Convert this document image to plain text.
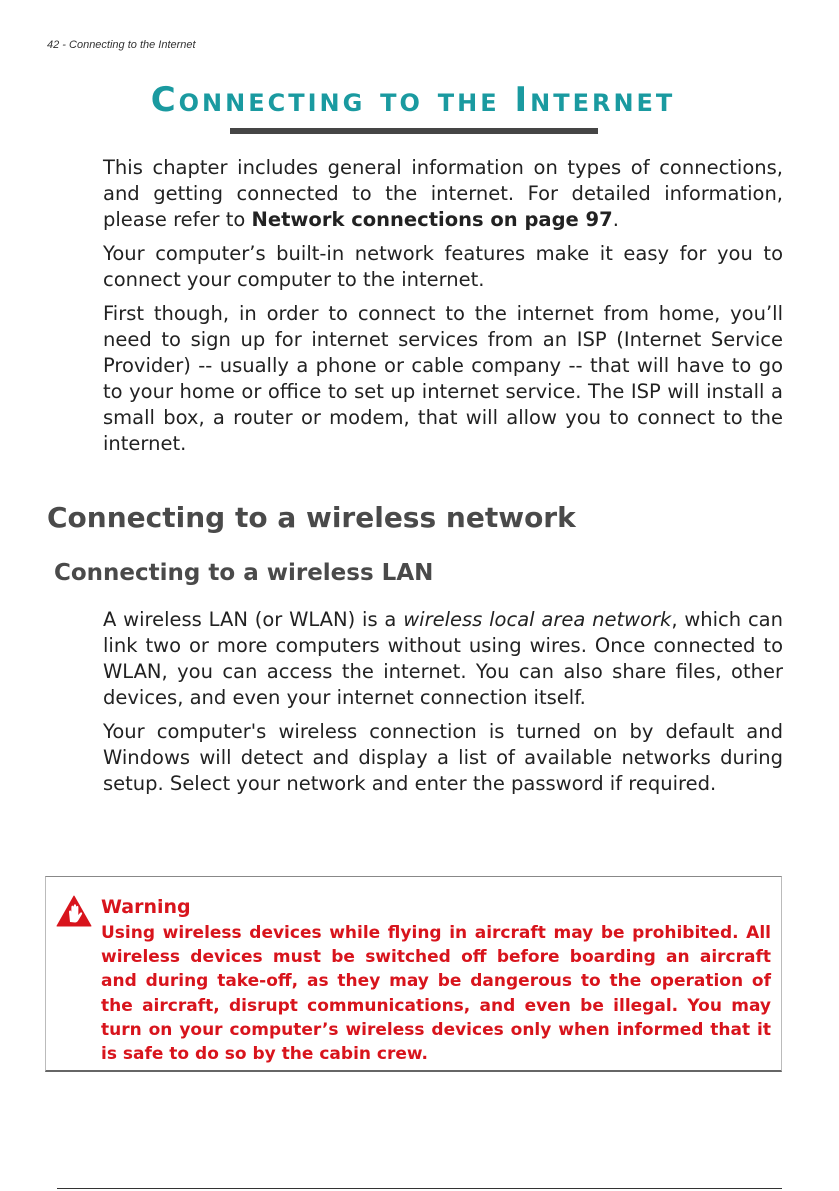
42 - Connecting to the Internet
Connecting to the Internet

This chapter includes general information on types of connections, and getting connected to the internet. For detailed information, please refer to Network connections on page 97.

Your computer’s built-in network features make it easy for you to connect your computer to the internet.

First though, in order to connect to the internet from home, you’ll need to sign up for internet services from an ISP (Internet Service Provider) -- usually a phone or cable company -- that will have to go to your home or office to set up internet service. The ISP will install a small box, a router or modem, that will allow you to connect to the internet.

Connecting to a wireless network
Connecting to a wireless LAN

A wireless LAN (or WLAN) is a wireless local area network, which can link two or more computers without using wires. Once connected to WLAN, you can access the internet. You can also share files, other devices, and even your internet connection itself.

Your computer's wireless connection is turned on by default and Windows will detect and display a list of available networks during setup. Select your network and enter the password if required.

Warning
Using wireless devices while flying in aircraft may be prohibited. All wireless devices must be switched off before boarding an aircraft and during take-off, as they may be dangerous to the operation of the aircraft, disrupt communications, and even be illegal. You may turn on your computer’s wireless devices only when informed that it is safe to do so by the cabin crew.
